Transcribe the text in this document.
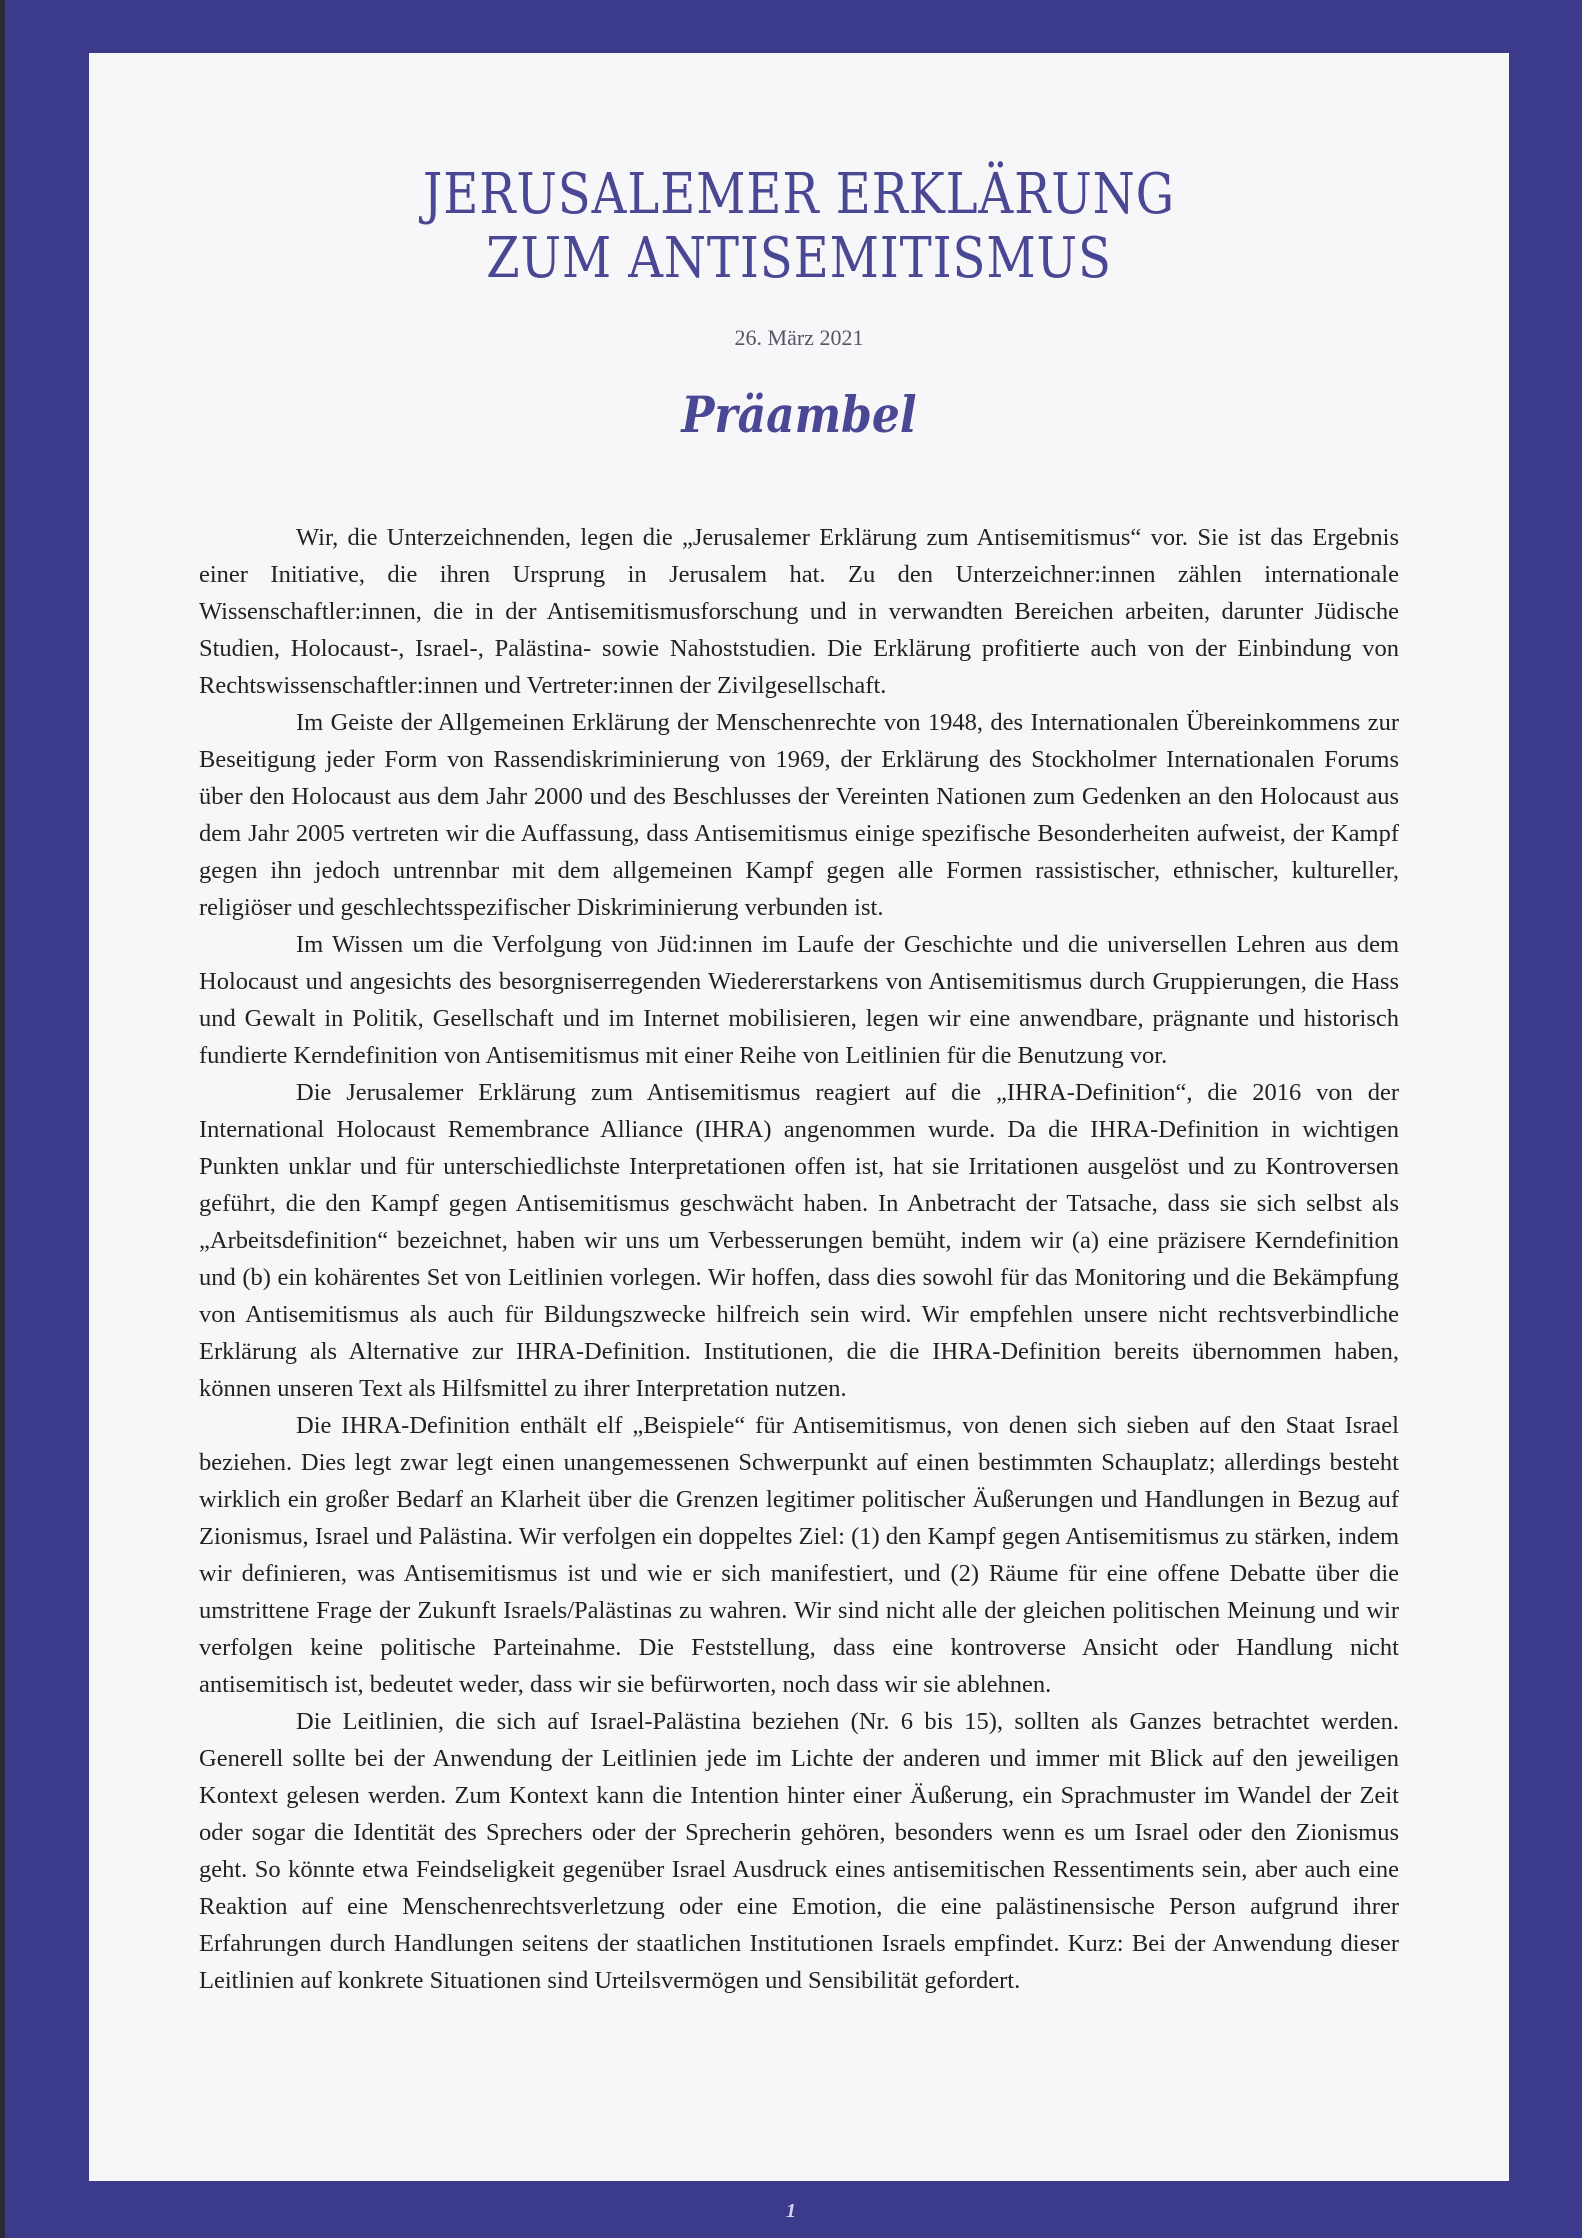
JERUSALEMER ERKLÄRUNG
ZUM ANTISEMITISMUS
26. März 2021
Präambel

Wir, die Unterzeichnenden, legen die „Jerusalemer Erklärung zum Antisemitismus“ vor. Sie ist das Ergebnis einer Initiative, die ihren Ursprung in Jerusalem hat. Zu den Unterzeichner:innen zählen internationale Wissenschaftler:innen, die in der Antisemitismusforschung und in verwandten Bereichen arbeiten, darunter Jüdische Studien, Holocaust-, Israel-, Palästina- sowie Nahoststudien. Die Erklärung profitierte auch von der Einbindung von Rechtswissenschaftler:innen und Vertreter:innen der Zivilgesellschaft.

Im Geiste der Allgemeinen Erklärung der Menschenrechte von 1948, des Internationalen Übereinkommens zur Beseitigung jeder Form von Rassendiskriminierung von 1969, der Erklärung des Stockholmer Internationalen Forums über den Holocaust aus dem Jahr 2000 und des Beschlusses der Vereinten Nationen zum Gedenken an den Holocaust aus dem Jahr 2005 vertreten wir die Auffassung, dass Antisemitismus einige spezifische Besonderheiten aufweist, der Kampf gegen ihn jedoch untrennbar mit dem allgemeinen Kampf gegen alle Formen rassistischer, ethnischer, kultureller, religiöser und geschlechtsspezifischer Diskriminierung verbunden ist.

Im Wissen um die Verfolgung von Jüd:innen im Laufe der Geschichte und die universellen Lehren aus dem Holocaust und angesichts des besorgniserregenden Wiedererstarkens von Antisemitismus durch Gruppierungen, die Hass und Gewalt in Politik, Gesellschaft und im Internet mobilisieren, legen wir eine anwendbare, prägnante und historisch fundierte Kerndefinition von Antisemitismus mit einer Reihe von Leitlinien für die Benutzung vor.

Die Jerusalemer Erklärung zum Antisemitismus reagiert auf die „IHRA-Definition“, die 2016 von der International Holocaust Remembrance Alliance (IHRA) angenommen wurde. Da die IHRA-Definition in wichtigen Punkten unklar und für unterschiedlichste Interpretationen offen ist, hat sie Irritationen ausgelöst und zu Kontroversen geführt, die den Kampf gegen Antisemitismus geschwächt haben. In Anbetracht der Tatsache, dass sie sich selbst als „Arbeitsdefinition“ bezeichnet, haben wir uns um Verbesserungen bemüht, indem wir (a) eine präzisere Kerndefinition und (b) ein kohärentes Set von Leitlinien vorlegen. Wir hoffen, dass dies sowohl für das Monitoring und die Bekämpfung von Antisemitismus als auch für Bildungszwecke hilfreich sein wird. Wir empfehlen unsere nicht rechtsverbindliche Erklärung als Alternative zur IHRA-Definition. Institutionen, die die IHRA-Definition bereits übernommen haben, können unseren Text als Hilfsmittel zu ihrer Interpretation nutzen.

Die IHRA-Definition enthält elf „Beispiele“ für Antisemitismus, von denen sich sieben auf den Staat Israel beziehen. Dies legt zwar legt einen unangemessenen Schwerpunkt auf einen bestimmten Schauplatz; allerdings besteht wirklich ein großer Bedarf an Klarheit über die Grenzen legitimer politischer Äußerungen und Handlungen in Bezug auf Zionismus, Israel und Palästina. Wir verfolgen ein doppeltes Ziel: (1) den Kampf gegen Antisemitismus zu stärken, indem wir definieren, was Antisemitismus ist und wie er sich manifestiert, und (2) Räume für eine offene Debatte über die umstrittene Frage der Zukunft Israels/Palästinas zu wahren. Wir sind nicht alle der gleichen politischen Meinung und wir verfolgen keine politische Parteinahme. Die Feststellung, dass eine kontroverse Ansicht oder Handlung nicht antisemitisch ist, bedeutet weder, dass wir sie befürworten, noch dass wir sie ablehnen.

Die Leitlinien, die sich auf Israel-Palästina beziehen (Nr. 6 bis 15), sollten als Ganzes betrachtet werden. Generell sollte bei der Anwendung der Leitlinien jede im Lichte der anderen und immer mit Blick auf den jeweiligen Kontext gelesen werden. Zum Kontext kann die Intention hinter einer Äußerung, ein Sprachmuster im Wandel der Zeit oder sogar die Identität des Sprechers oder der Sprecherin gehören, besonders wenn es um Israel oder den Zionismus geht. So könnte etwa Feindseligkeit gegenüber Israel Ausdruck eines antisemitischen Ressentiments sein, aber auch eine Reaktion auf eine Menschenrechtsverletzung oder eine Emotion, die eine palästinensische Person aufgrund ihrer Erfahrungen durch Handlungen seitens der staatlichen Institutionen Israels empfindet. Kurz: Bei der Anwendung dieser Leitlinien auf konkrete Situationen sind Urteilsvermögen und Sensibilität gefordert.

1
